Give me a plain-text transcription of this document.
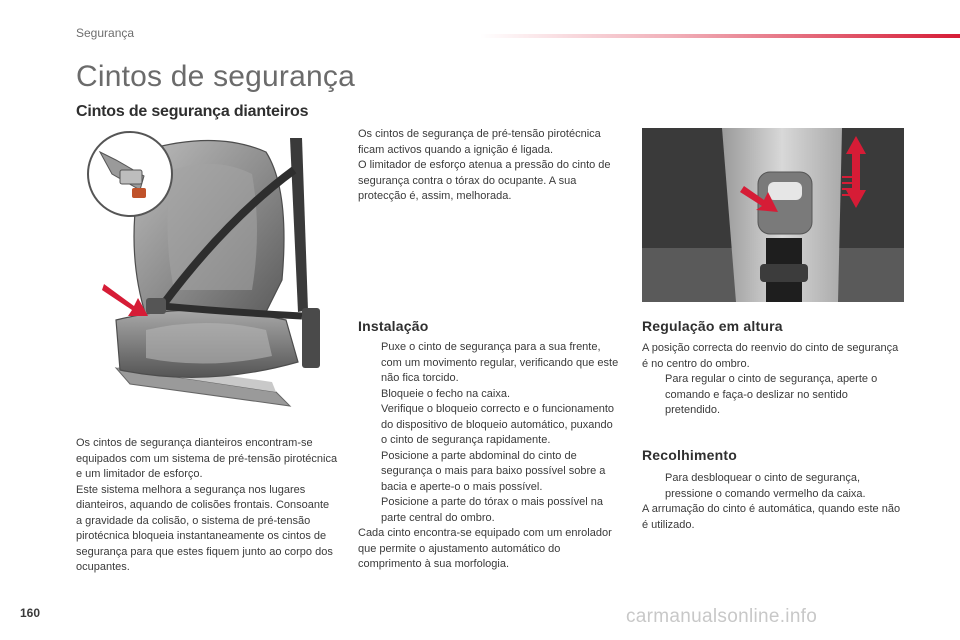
Segurança
Cintos de segurança
Cintos de segurança dianteiros

Os cintos de segurança dianteiros encontram-se equipados com um sistema de pré-tensão pirotécnica e um limitador de esforço.

Este sistema melhora a segurança nos lugares dianteiros, aquando de colisões frontais. Consoante a gravidade da colisão, o sistema de pré-tensão pirotécnica bloqueia instantaneamente os cintos de segurança para que estes fiquem junto ao corpo dos ocupantes.

Os cintos de segurança de pré-tensão pirotécnica ficam activos quando a ignição é ligada.

O limitador de esforço atenua a pressão do cinto de segurança contra o tórax do ocupante. A sua protecção é, assim, melhorada.

Instalação
Puxe o cinto de segurança para a sua frente, com um movimento regular, verificando que este não fica torcido.
Bloqueie o fecho na caixa.
Verifique o bloqueio correcto e o funcionamento do dispositivo de bloqueio automático, puxando o cinto de segurança rapidamente.
Posicione a parte abdominal do cinto de segurança o mais para baixo possível sobre a bacia e aperte-o o mais possível.
Posicione a parte do tórax o mais possível na parte central do ombro.

Cada cinto encontra-se equipado com um enrolador que permite o ajustamento automático do comprimento à sua morfologia.

Regulação em altura

A posição correcta do reenvio do cinto de segurança é no centro do ombro.

Para regular o cinto de segurança, aperte o comando e faça-o deslizar no sentido pretendido.
Recolhimento
Para desbloquear o cinto de segurança, pressione o comando vermelho da caixa.

A arrumação do cinto é automática, quando este não é utilizado.

160	carmanualsonline.info
